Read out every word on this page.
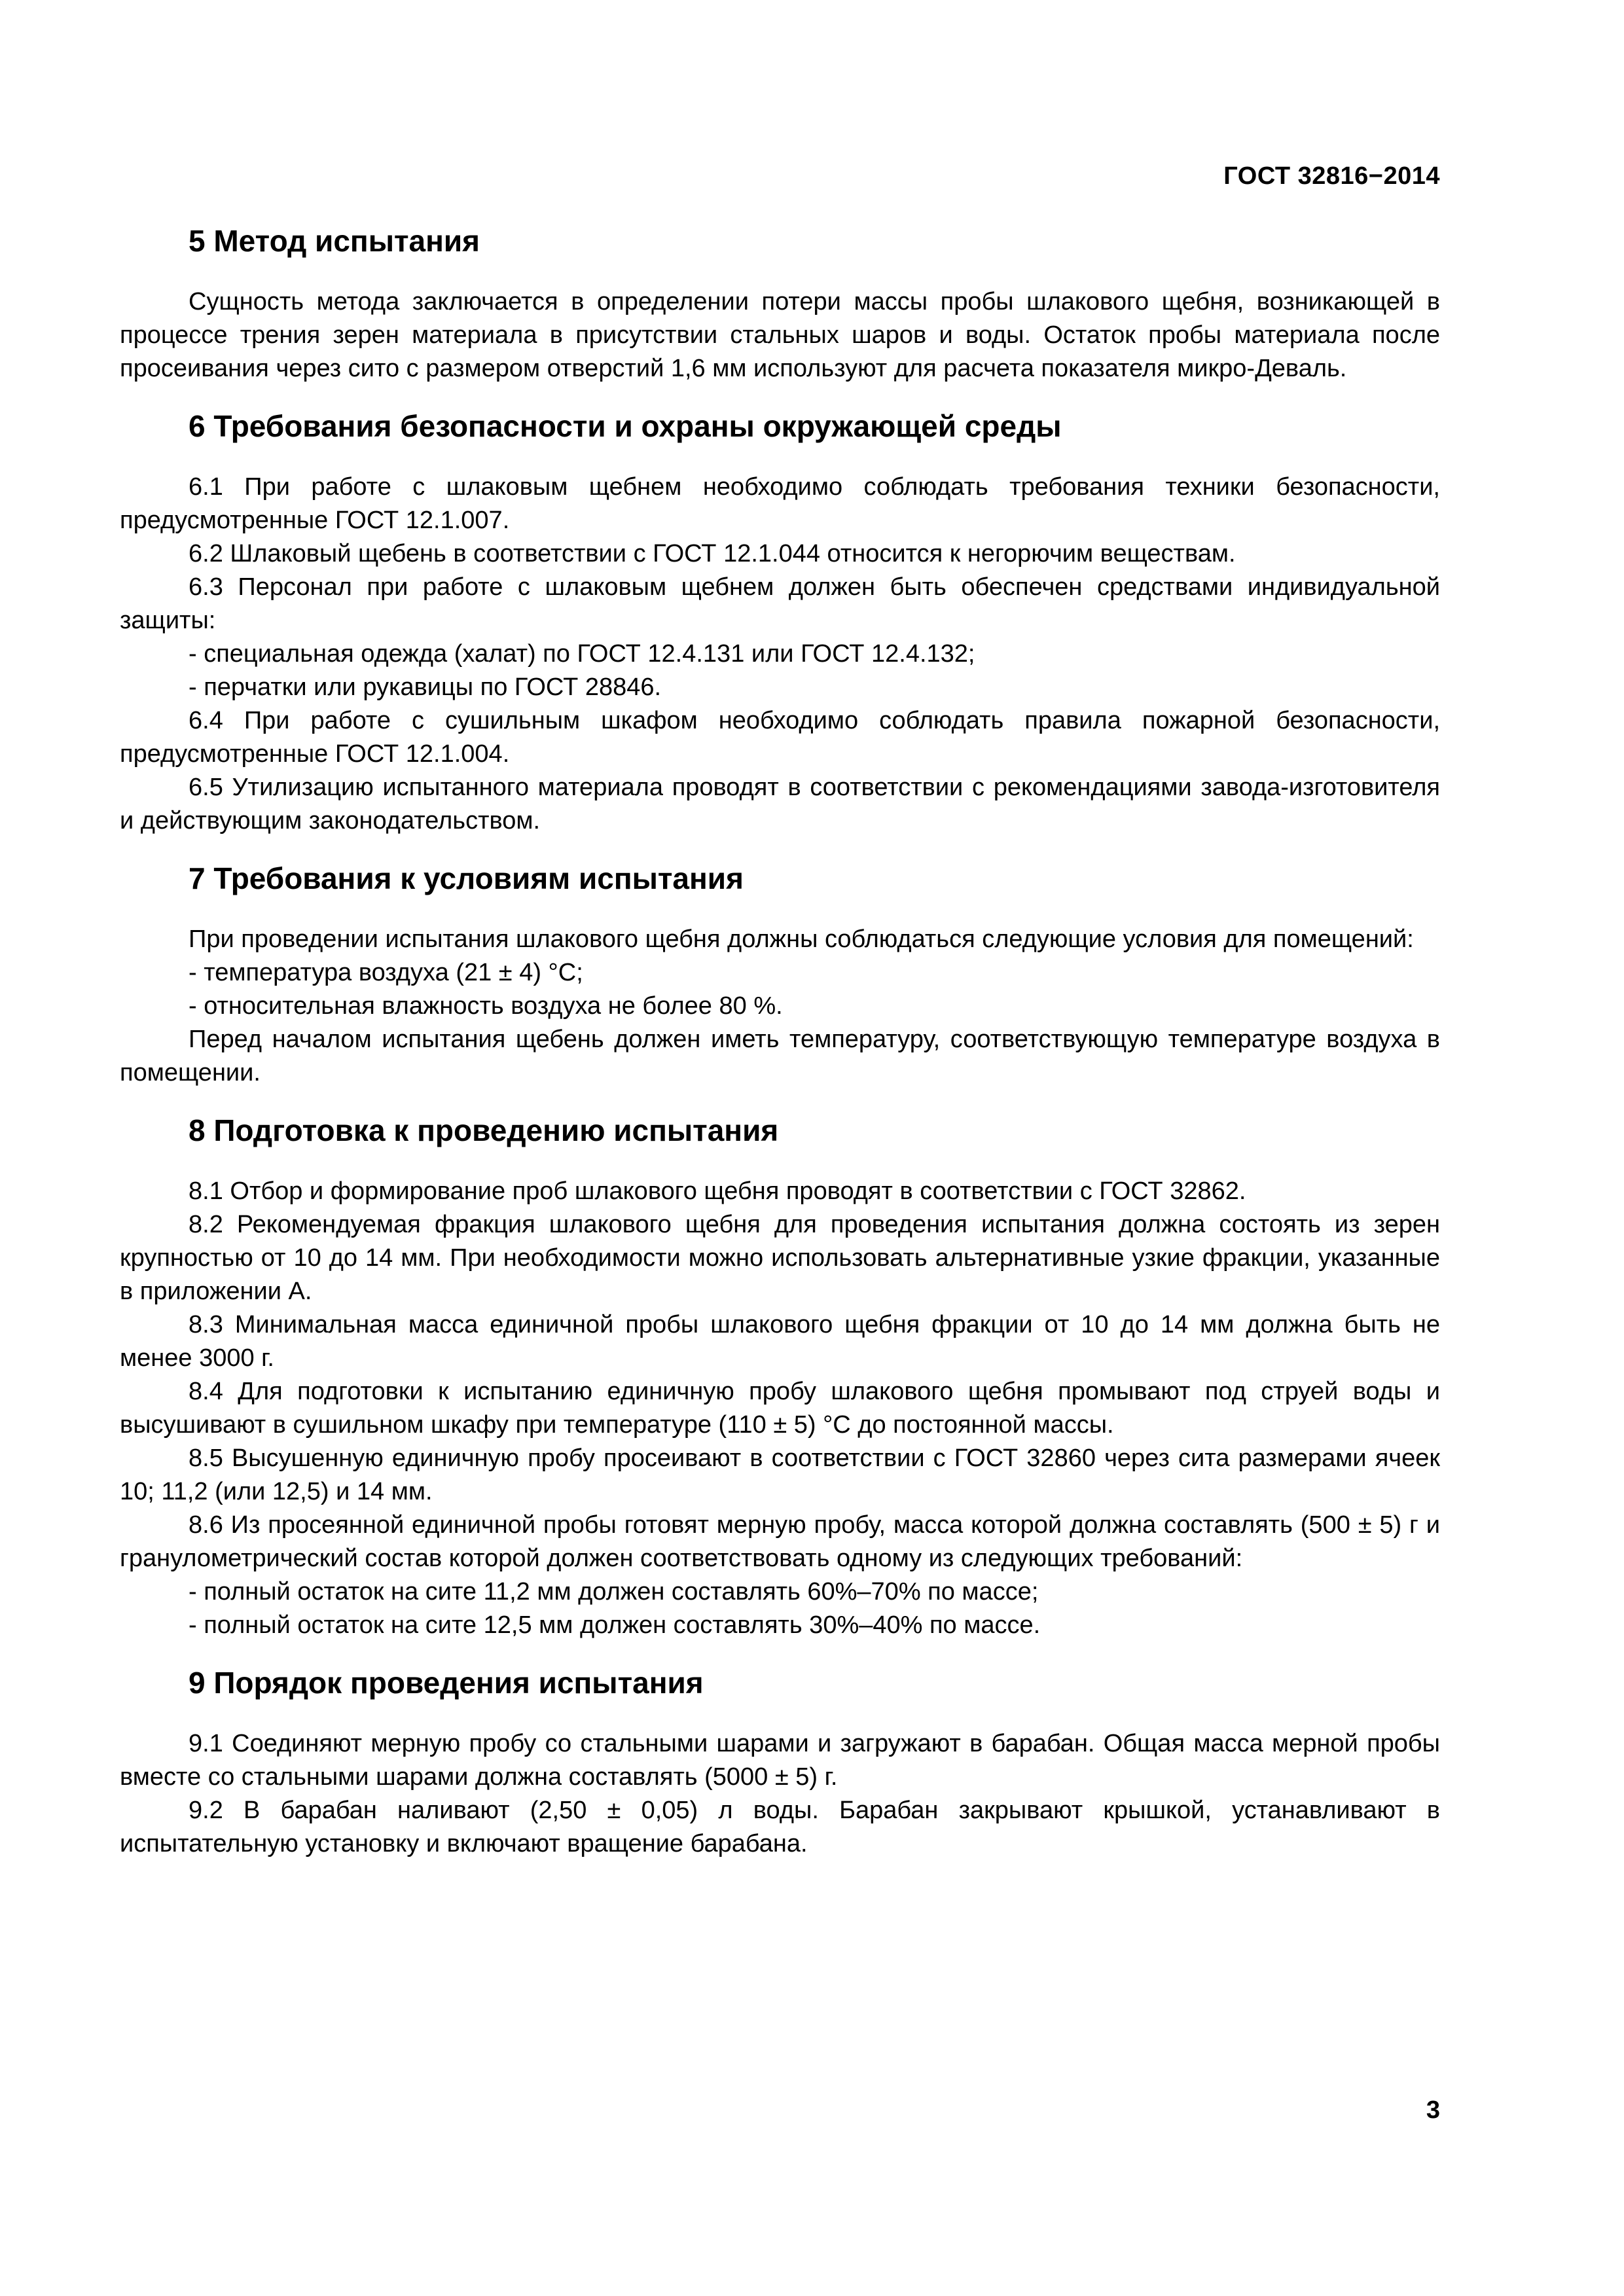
ГОСТ 32816−2014
5 Метод испытания

Сущность метода заключается в определении потери массы пробы шлакового щебня, возникающей в процессе трения зерен материала в присутствии стальных шаров и воды. Остаток пробы материала после просеивания через сито с размером отверстий 1,6 мм используют для расчета показателя микро-Деваль.

6 Требования безопасности и охраны окружающей среды

6.1 При работе с шлаковым щебнем необходимо соблюдать требования техники безопасности, предусмотренные ГОСТ 12.1.007.

6.2 Шлаковый щебень в соответствии с ГОСТ 12.1.044 относится к негорючим веществам.

6.3 Персонал при работе с шлаковым щебнем должен быть обеспечен средствами индивидуальной защиты:

- специальная одежда (халат) по ГОСТ 12.4.131 или ГОСТ 12.4.132;

- перчатки или рукавицы по ГОСТ 28846.

6.4 При работе с сушильным шкафом необходимо соблюдать правила пожарной безопасности, предусмотренные ГОСТ 12.1.004.

6.5 Утилизацию испытанного материала проводят в соответствии с рекомендациями завода-изготовителя и действующим законодательством.

7 Требования к условиям испытания

При проведении испытания шлакового щебня должны соблюдаться следующие условия для помещений:

- температура воздуха (21 ± 4) °С;

- относительная влажность воздуха не более 80 %.

Перед началом испытания щебень должен иметь температуру, соответствующую температуре воздуха в помещении.

8 Подготовка к проведению испытания

8.1 Отбор и формирование проб шлакового щебня проводят в соответствии с ГОСТ 32862.

8.2 Рекомендуемая фракция шлакового щебня для проведения испытания должна состоять из зерен крупностью от 10 до 14 мм. При необходимости можно использовать альтернативные узкие фракции, указанные в приложении А.

8.3 Минимальная масса единичной пробы шлакового щебня фракции от 10 до 14 мм должна быть не менее 3000 г.

8.4 Для подготовки к испытанию единичную пробу шлакового щебня промывают под струей воды и высушивают в сушильном шкафу при температуре (110 ± 5) °С до постоянной массы.

8.5 Высушенную единичную пробу просеивают в соответствии с ГОСТ 32860 через сита размерами ячеек 10; 11,2 (или 12,5) и 14 мм.

8.6 Из просеянной единичной пробы готовят мерную пробу, масса которой должна составлять (500 ± 5) г и гранулометрический состав которой должен соответствовать одному из следующих требований:

- полный остаток на сите 11,2 мм должен составлять 60%–70% по массе;

- полный остаток на сите 12,5 мм должен составлять 30%–40% по массе.

9 Порядок проведения испытания

9.1 Соединяют мерную пробу со стальными шарами и загружают в барабан. Общая масса мерной пробы вместе со стальными шарами должна составлять (5000 ± 5) г.

9.2 В барабан наливают (2,50 ± 0,05) л воды. Барабан закрывают крышкой, устанавливают в испытательную установку и включают вращение барабана.

3
